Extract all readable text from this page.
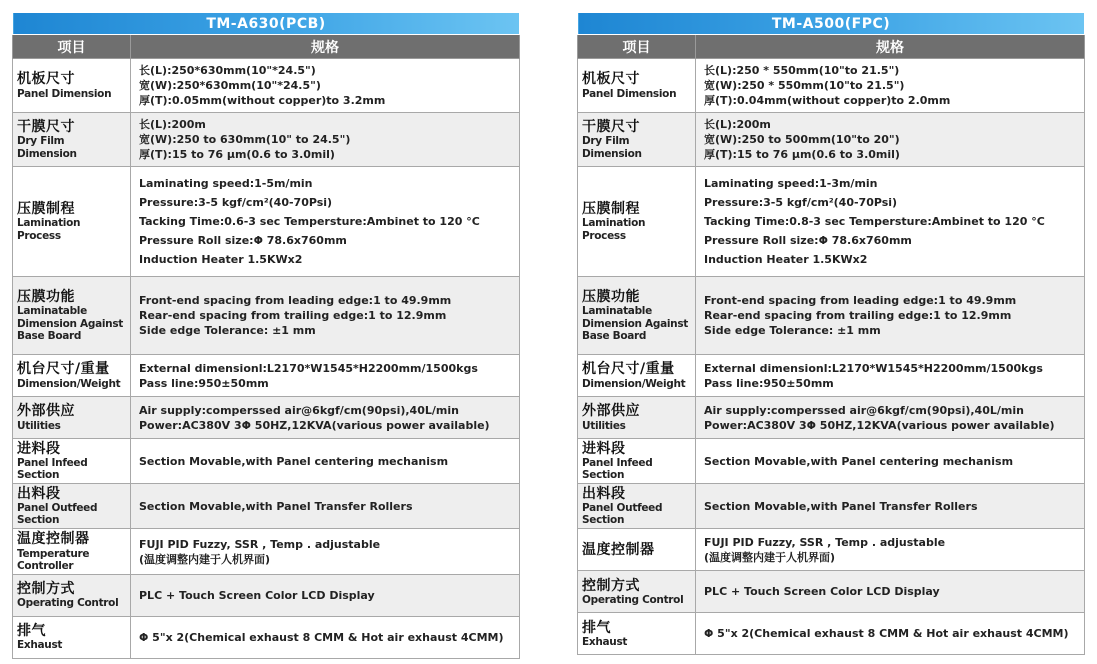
TM-A630(PCB)	
项目	规格

机板尺寸
Panel Dimension	长(L):250*630mm(10"*24.5")
宽(W):250*630mm(10"*24.5")
厚(T):0.05mm(without copper)to 3.2mm

干膜尺寸
Dry Film Dimension	长(L):200m
宽(W):250 to 630mm(10" to 24.5")
厚(T):15 to 76 µm(0.6 to 3.0mil)

压膜制程
Lamination Process	Laminating speed:1-5m/min
Pressure:3-5 kgf/cm²(40-70Psi)
Tacking Time:0.6-3 sec Tempersture:Ambinet to 120 °C
Pressure Roll size:Φ 78.6x760mm
Induction Heater 1.5KWx2

压膜功能
Laminatable Dimension Against Base Board	Front-end spacing from leading edge:1 to 49.9mm
Rear-end spacing from trailing edge:1 to 12.9mm
Side edge Tolerance: ±1 mm

机台尺寸/重量
Dimension/Weight	External dimensionl:L2170*W1545*H2200mm/1500kgs
Pass line:950±50mm

外部供应
Utilities	Air supply:comperssed air@6kgf/cm(90psi),40L/min
Power:AC380V 3Φ 50HZ,12KVA(various power available)

进料段
Panel Infeed Section	Section Movable,with Panel centering mechanism

出料段
Panel Outfeed Section	Section Movable,with Panel Transfer Rollers

温度控制器
Temperature Controller	FUJI PID Fuzzy, SSR , Temp . adjustable
(温度调整内建于人机界面)

控制方式
Operating Control	PLC + Touch Screen Color LCD Display

排气
Exhaust	Φ 5"x 2(Chemical exhaust 8 CMM & Hot air exhaust 4CMM)
TM-A500(FPC)	
项目	规格

机板尺寸
Panel Dimension	长(L):250 * 550mm(10"to 21.5")
宽(W):250 * 550mm(10"to 21.5")
厚(T):0.04mm(without copper)to 2.0mm

干膜尺寸
Dry Film Dimension	长(L):200m
宽(W):250 to 500mm(10"to 20")
厚(T):15 to 76 µm(0.6 to 3.0mil)

压膜制程
Lamination Process	Laminating speed:1-3m/min
Pressure:3-5 kgf/cm²(40-70Psi)
Tacking Time:0.8-3 sec Tempersture:Ambinet to 120 °C
Pressure Roll size:Φ 78.6x760mm
Induction Heater 1.5KWx2

压膜功能
Laminatable Dimension Against Base Board	Front-end spacing from leading edge:1 to 49.9mm
Rear-end spacing from trailing edge:1 to 12.9mm
Side edge Tolerance: ±1 mm

机台尺寸/重量
Dimension/Weight	External dimensionl:L2170*W1545*H2200mm/1500kgs
Pass line:950±50mm

外部供应
Utilities	Air supply:comperssed air@6kgf/cm(90psi),40L/min
Power:AC380V 3Φ 50HZ,12KVA(various power available)

进料段
Panel Infeed Section	Section Movable,with Panel centering mechanism

出料段
Panel Outfeed Section	Section Movable,with Panel Transfer Rollers

温度控制器	FUJI PID Fuzzy, SSR , Temp . adjustable
(温度调整内建于人机界面)

控制方式
Operating Control	PLC + Touch Screen Color LCD Display

排气
Exhaust	Φ 5"x 2(Chemical exhaust 8 CMM & Hot air exhaust 4CMM)
